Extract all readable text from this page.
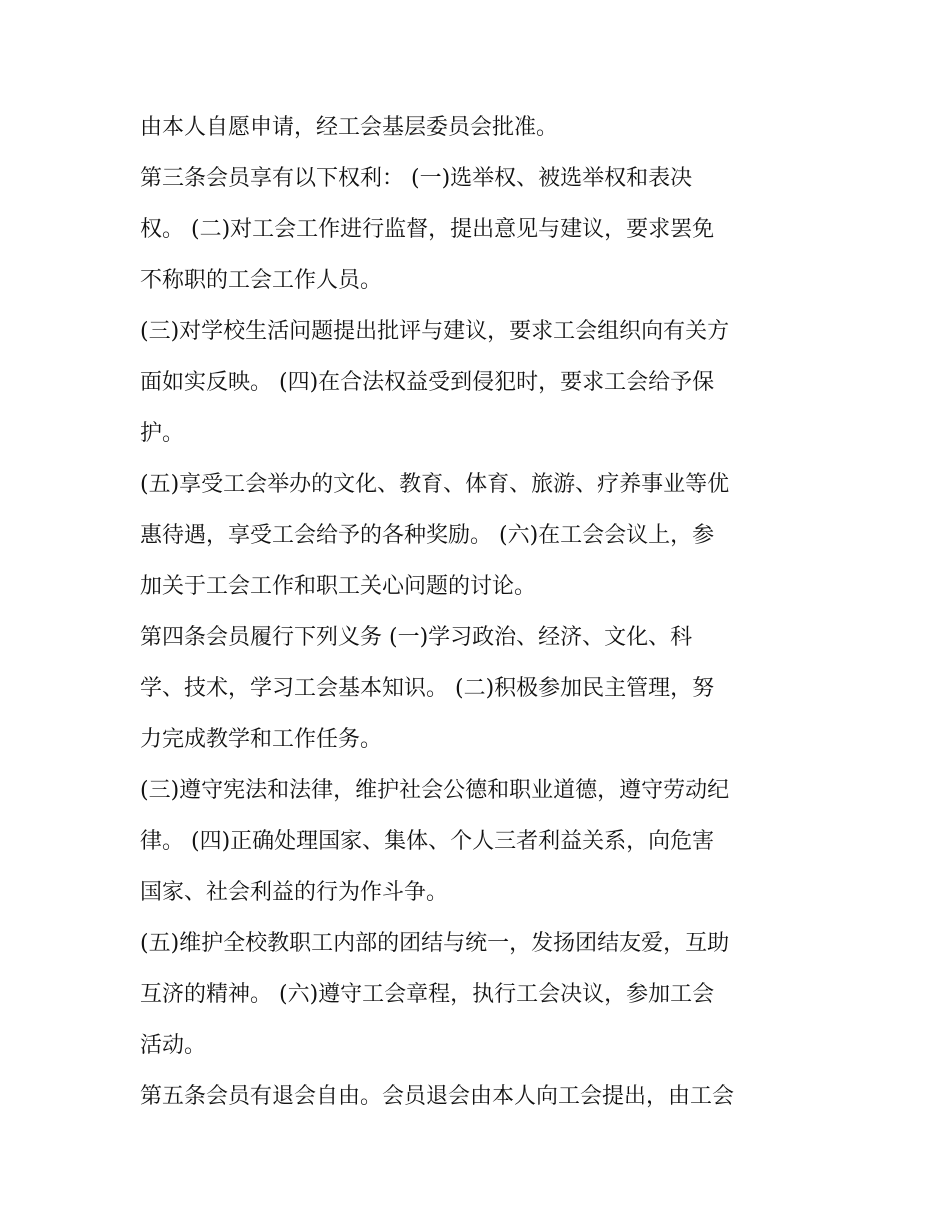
由本人自愿申请，经工会基层委员会批准。

第三条会员享有以下权利： (一)选举权、被选举权和表决

权。 (二)对工会工作进行监督，提出意见与建议，要求罢免

不称职的工会工作人员。

(三)对学校生活问题提出批评与建议，要求工会组织向有关方

面如实反映。 (四)在合法权益受到侵犯时，要求工会给予保

护。

(五)享受工会举办的文化、教育、体育、旅游、疗养事业等优

惠待遇，享受工会给予的各种奖励。 (六)在工会会议上，参

加关于工会工作和职工关心问题的讨论。

第四条会员履行下列义务 (一)学习政治、经济、文化、科

学、技术，学习工会基本知识。 (二)积极参加民主管理，努

力完成教学和工作任务。

(三)遵守宪法和法律，维护社会公德和职业道德，遵守劳动纪

律。 (四)正确处理国家、集体、个人三者利益关系，向危害

国家、社会利益的行为作斗争。

(五)维护全校教职工内部的团结与统一，发扬团结友爱，互助

互济的精神。 (六)遵守工会章程，执行工会决议，参加工会

活动。

第五条会员有退会自由。会员退会由本人向工会提出，由工会
